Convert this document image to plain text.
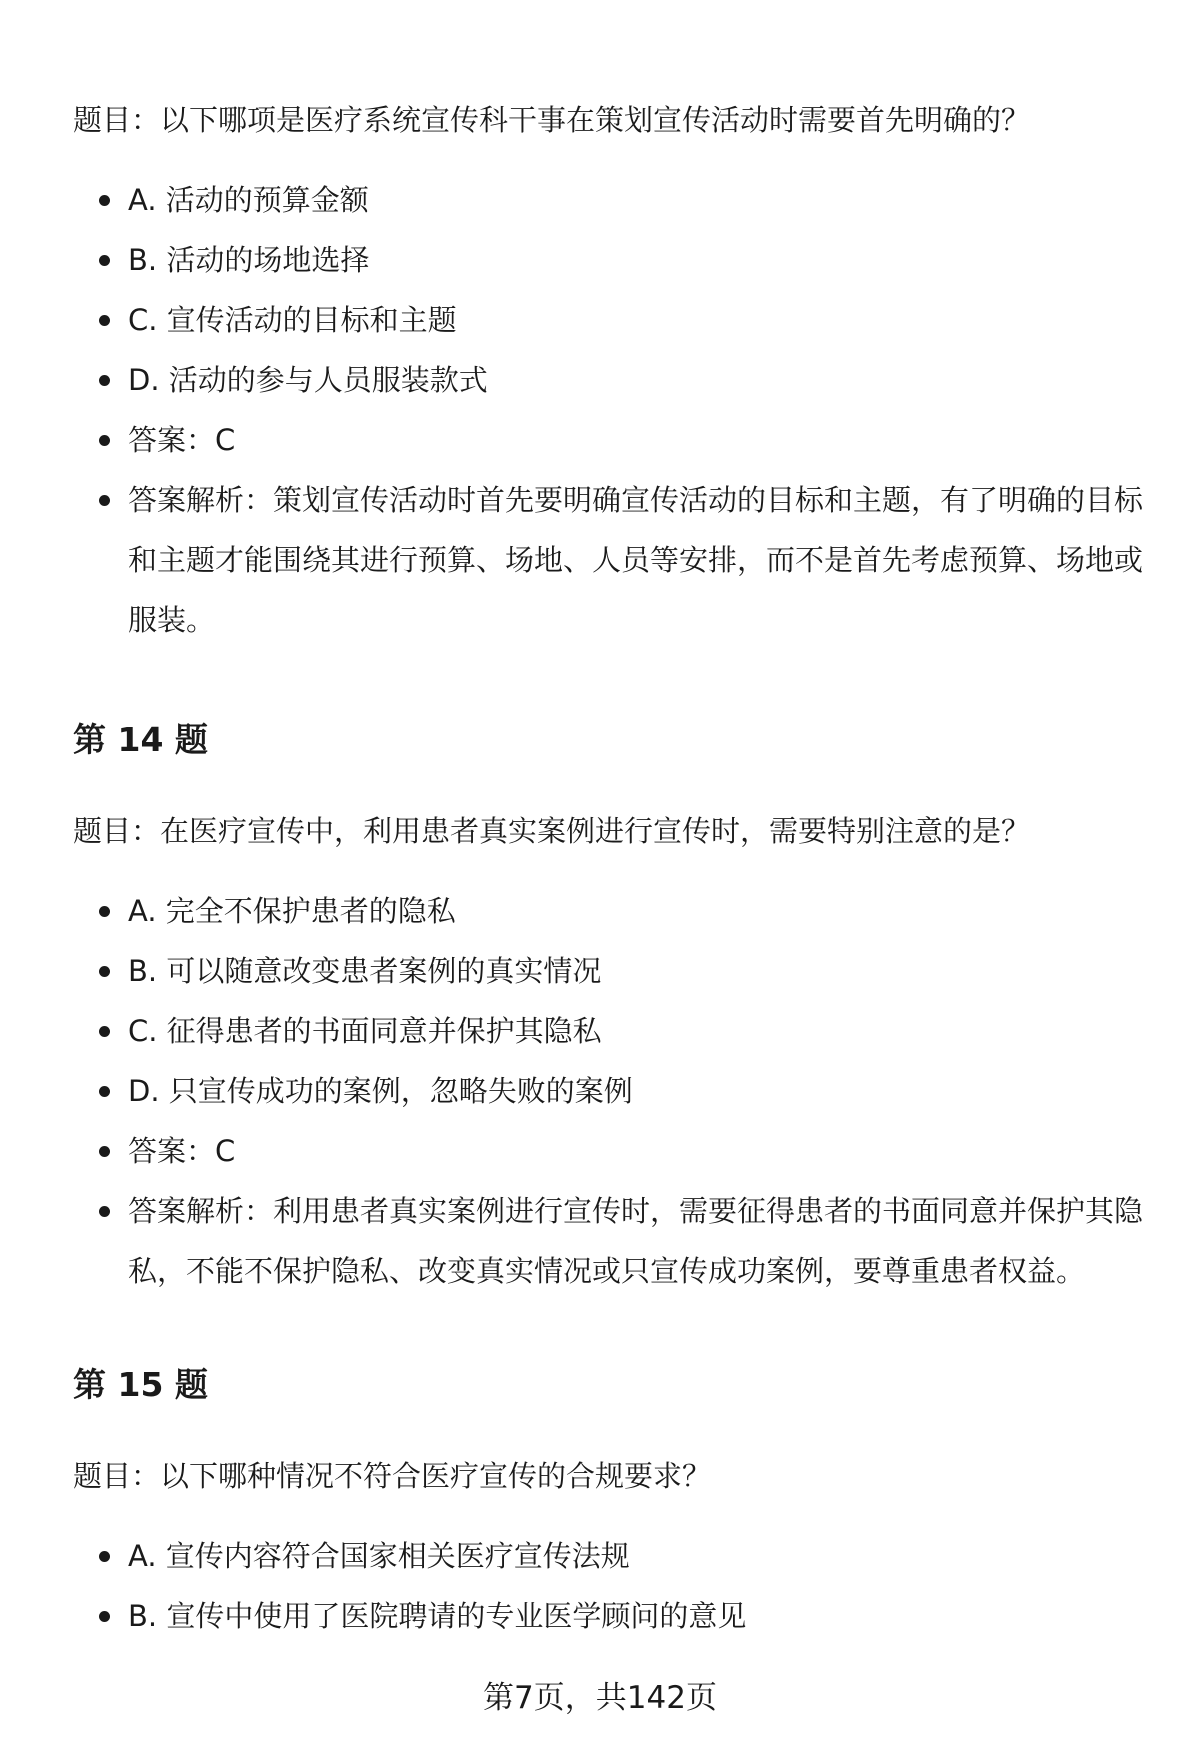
题目：以下哪项是医疗系统宣传科干事在策划宣传活动时需要首先明确的？

A. 活动的预算金额
B. 活动的场地选择
C. 宣传活动的目标和主题
D. 活动的参与人员服装款式
答案：C
答案解析：策划宣传活动时首先要明确宣传活动的目标和主题，有了明确的目标和主题才能围绕其进行预算、场地、人员等安排，而不是首先考虑预算、场地或服装。
第 14 题

题目：在医疗宣传中，利用患者真实案例进行宣传时，需要特别注意的是？

A. 完全不保护患者的隐私
B. 可以随意改变患者案例的真实情况
C. 征得患者的书面同意并保护其隐私
D. 只宣传成功的案例，忽略失败的案例
答案：C
答案解析：利用患者真实案例进行宣传时，需要征得患者的书面同意并保护其隐私，不能不保护隐私、改变真实情况或只宣传成功案例，要尊重患者权益。
第 15 题

题目：以下哪种情况不符合医疗宣传的合规要求？

A. 宣传内容符合国家相关医疗宣传法规
B. 宣传中使用了医院聘请的专业医学顾问的意见
第7页，共142页
